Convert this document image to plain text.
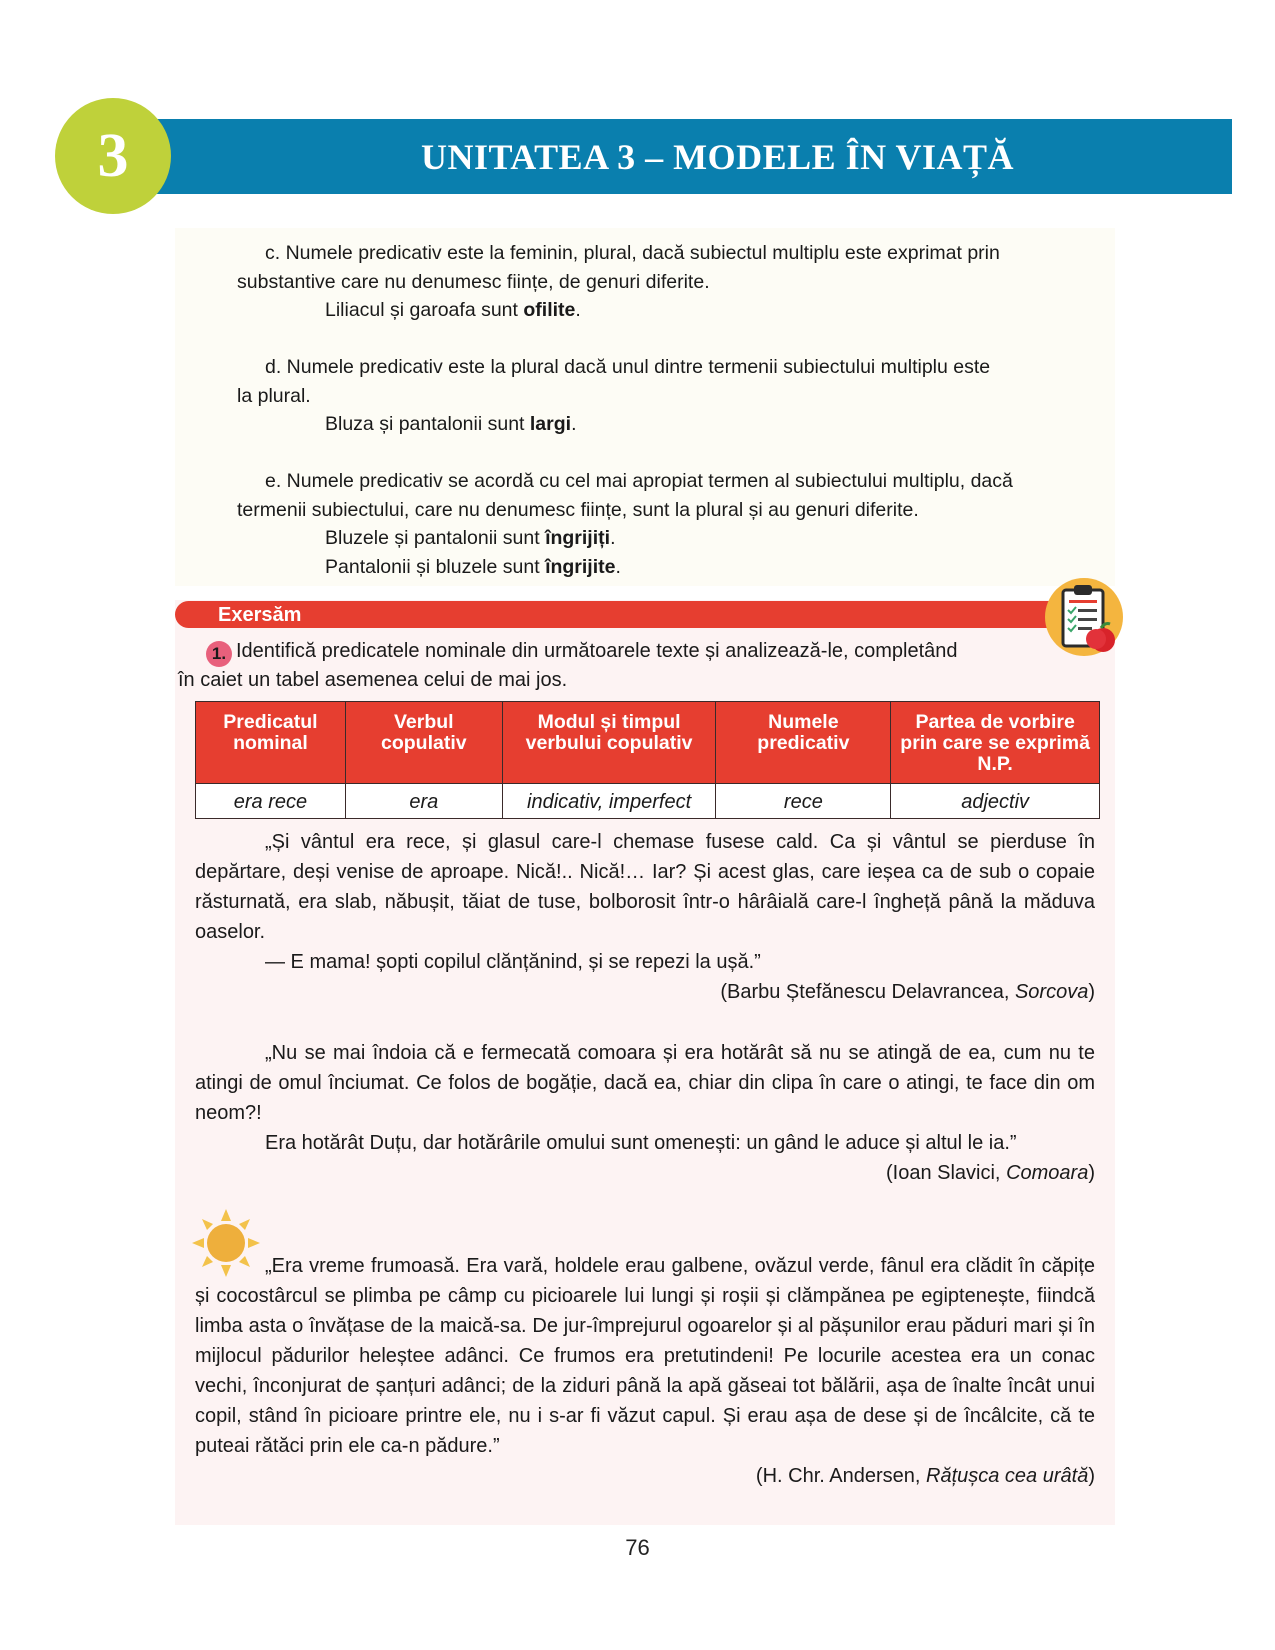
UNITATEA 3 – MODELE ÎN VIAȚĂ
3

c. Numele predicativ este la feminin, plural, dacă subiectul multiplu este exprimat prin

substantive care nu denumesc ființe, de genuri diferite.

Liliacul și garoafa sunt ofilite.

d. Numele predicativ este la plural dacă unul dintre termenii subiectului multiplu este

la plural.

Bluza și pantalonii sunt largi.

e. Numele predicativ se acordă cu cel mai apropiat termen al subiectului multiplu, dacă

termenii subiectului, care nu denumesc ființe, sunt la plural și au genuri diferite.

Bluzele și pantalonii sunt îngrijiți.

Pantalonii și bluzele sunt îngrijite.

Exersăm
Identifică predicatele nominale din următoarele texte și analizează-le, completând
în caiet un tabel asemenea celui de mai jos.
1.
Predicatul nominal	Verbul copulativ	Modul și timpul verbului copulativ	Numele predicativ	Partea de vorbire prin care se exprimă N.P.
era rece	era	indicativ, imperfect	rece	adjectiv

„Și vântul era rece, și glasul care-l chemase fusese cald. Ca și vântul se pierduse în depărtare, deși venise de aproape. Nică!.. Nică!… Iar? Și acest glas, care ieșea ca de sub o copaie răsturnată, era slab, năbușit, tăiat de tuse, bolborosit într-o hârâială care-l îngheță până la măduva oaselor.

— E mama! șopti copilul clănțănind, și se repezi la ușă.”

(Barbu Ștefănescu Delavrancea, Sorcova)

„Nu se mai îndoia că e fermecată comoara și era hotărât să nu se atingă de ea, cum nu te atingi de omul înciumat. Ce folos de bogăție, dacă ea, chiar din clipa în care o atingi, te face din om neom?!

Era hotărât Duțu, dar hotărârile omului sunt omenești: un gând le aduce și altul le ia.”

(Ioan Slavici, Comoara)

„Era vreme frumoasă. Era vară, holdele erau galbene, ovăzul verde, fânul era clădit în căpițe și cocostârcul se plimba pe câmp cu picioarele lui lungi și roșii și clămpănea pe egiptenește, fiindcă limba asta o învățase de la maică-sa. De jur-împrejurul ogoarelor și al pășunilor erau păduri mari și în mijlocul pădurilor heleștee adânci. Ce frumos era pretutindeni! Pe locurile acestea era un conac vechi, înconjurat de șanțuri adânci; de la ziduri până la apă găseai tot bălării, așa de înalte încât unui copil, stând în picioare printre ele, nu i s-ar fi văzut capul. Și erau așa de dese și de încâlcite, că te puteai rătăci prin ele ca-n pădure.”

(H. Chr. Andersen, Rățușca cea urâtă)

76
